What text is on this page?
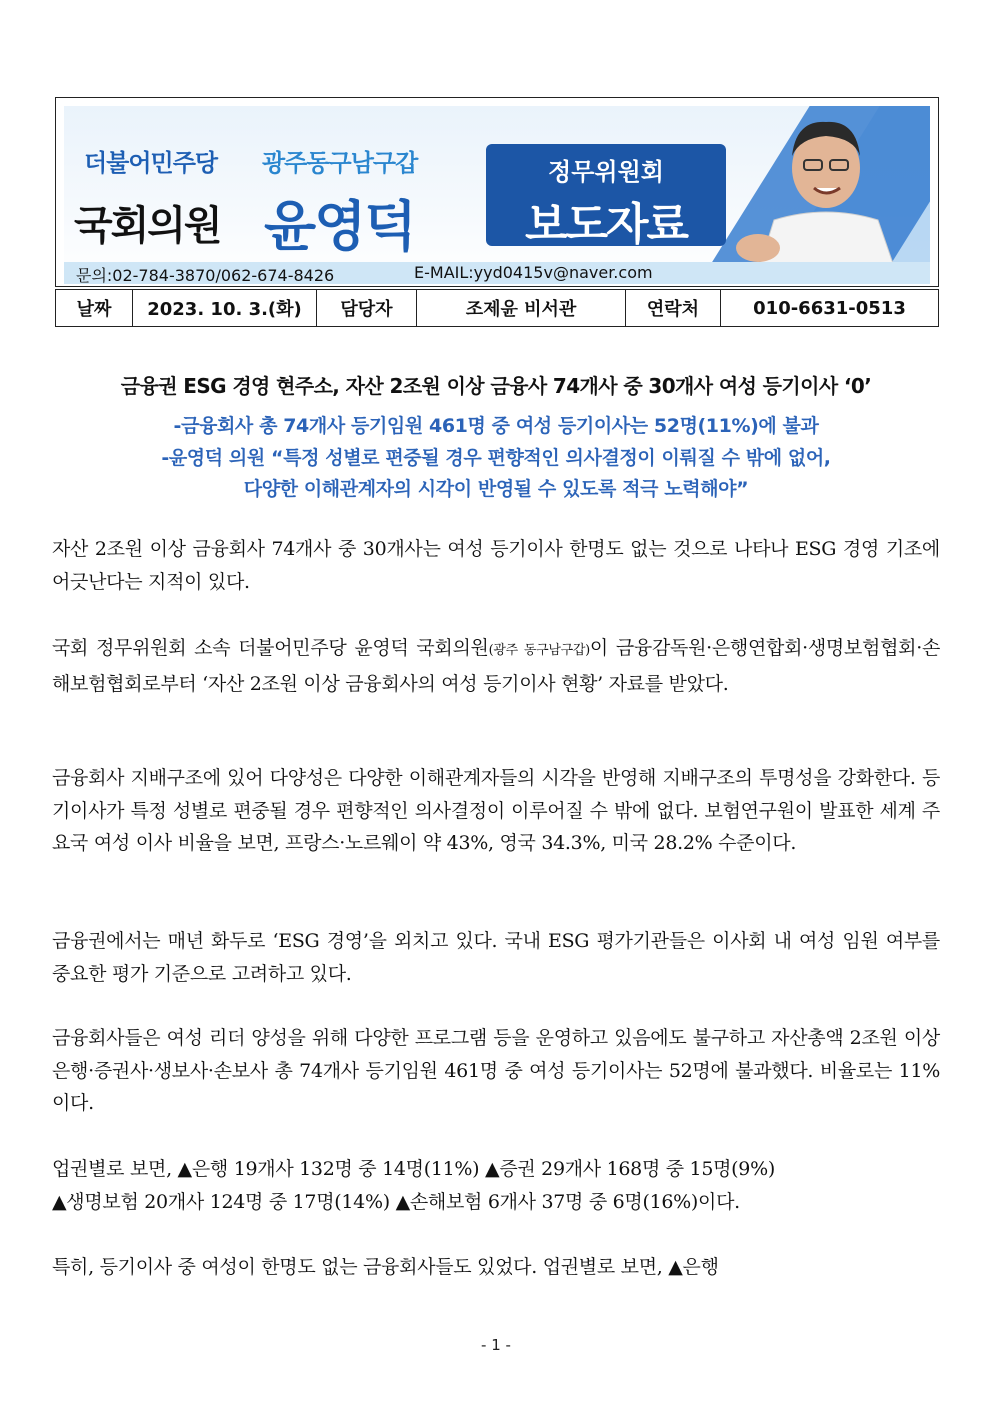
더불어민주당 광주동구남구갑
국회의원 윤영덕
정무위원회
보도자료
문의:02-784-3870/062-674-8426	E-MAIL:yyd0415v@naver.com
날짜	2023. 10. 3.(화)	담당자	조제윤 비서관	연락처	010-6631-0513
금융권 ESG 경영 현주소, 자산 2조원 이상 금융사 74개사 중 30개사 여성 등기이사 ‘0’
-금융회사 총 74개사 등기임원 461명 중 여성 등기이사는 52명(11%)에 불과
-윤영덕 의원 “특정 성별로 편중될 경우 편향적인 의사결정이 이뤄질 수 밖에 없어,
다양한 이해관계자의 시각이 반영될 수 있도록 적극 노력해야”
자산 2조원 이상 금융회사 74개사 중 30개사는 여성 등기이사 한명도 없는 것으로 나타나 ESG 경영 기조에 어긋난다는 지적이 있다.
국회 정무위원회 소속 더불어민주당 윤영덕 국회의원(광주 동구남구갑)이 금융감독원·은행연합회·생명보험협회·손해보험협회로부터 ‘자산 2조원 이상 금융회사의 여성 등기이사 현황’ 자료를 받았다.
금융회사 지배구조에 있어 다양성은 다양한 이해관계자들의 시각을 반영해 지배구조의 투명성을 강화한다. 등기이사가 특정 성별로 편중될 경우 편향적인 의사결정이 이루어질 수 밖에 없다. 보험연구원이 발표한 세계 주요국 여성 이사 비율을 보면, 프랑스·노르웨이 약 43%, 영국 34.3%, 미국 28.2% 수준이다.
금융권에서는 매년 화두로 ‘ESG 경영’을 외치고 있다. 국내 ESG 평가기관들은 이사회 내 여성 임원 여부를 중요한 평가 기준으로 고려하고 있다.
금융회사들은 여성 리더 양성을 위해 다양한 프로그램 등을 운영하고 있음에도 불구하고 자산총액 2조원 이상 은행·증권사·생보사·손보사 총 74개사 등기임원 461명 중 여성 등기이사는 52명에 불과했다. 비율로는 11%이다.
업권별로 보면, ▲은행 19개사 132명 중 14명(11%) ▲증권 29개사 168명 중 15명(9%)
▲생명보험 20개사 124명 중 17명(14%) ▲손해보험 6개사 37명 중 6명(16%)이다.
특히, 등기이사 중 여성이 한명도 없는 금융회사들도 있었다. 업권별로 보면, ▲은행
- 1 -
